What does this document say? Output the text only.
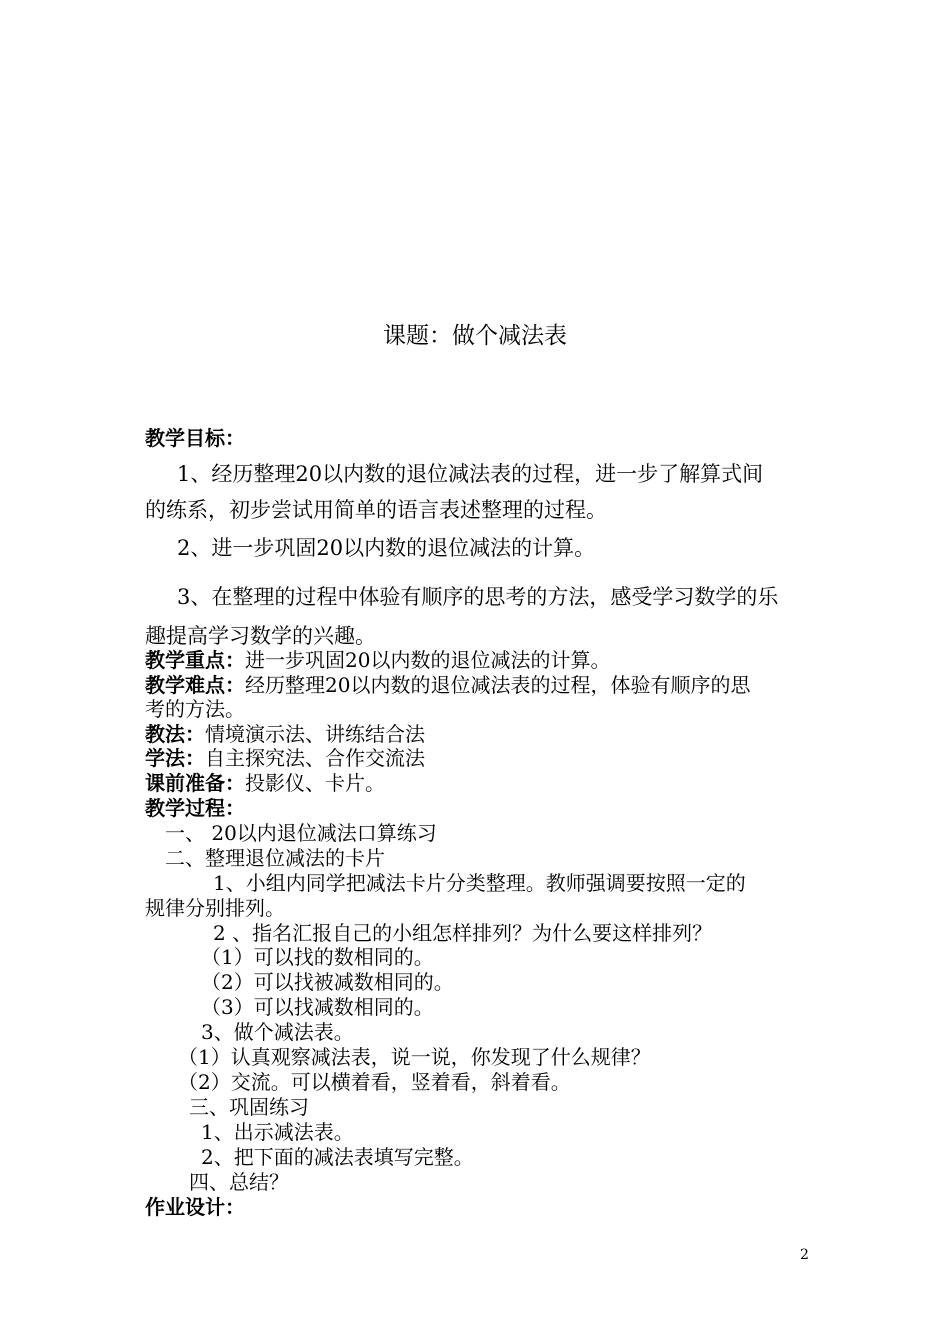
课题：做个减法表
教学目标：
1、经历整理20以内数的退位减法表的过程，进一步了解算式间
的练系，初步尝试用简单的语言表述整理的过程。
2、进一步巩固20以内数的退位减法的计算。
3、在整理的过程中体验有顺序的思考的方法，感受学习数学的乐
趣提高学习数学的兴趣。
教学重点：进一步巩固20以内数的退位减法的计算。
教学难点：经历整理20以内数的退位减法表的过程，体验有顺序的思
考的方法。
教法：情境演示法、讲练结合法
学法：自主探究法、合作交流法
课前准备：投影仪、卡片。
教学过程：
一、 20以内退位减法口算练习
二、整理退位减法的卡片
1、小组内同学把减法卡片分类整理。教师强调要按照一定的
规律分别排列。
2 、指名汇报自己的小组怎样排列？为什么要这样排列？
（1）可以找的数相同的。
（2）可以找被减数相同的。
（3）可以找减数相同的。
3、做个减法表。
（1）认真观察减法表，说一说，你发现了什么规律？
（2）交流。可以横着看，竖着看，斜着看。
三、巩固练习
1、出示减法表。
2、把下面的减法表填写完整。
四、总结？
作业设计：
2
